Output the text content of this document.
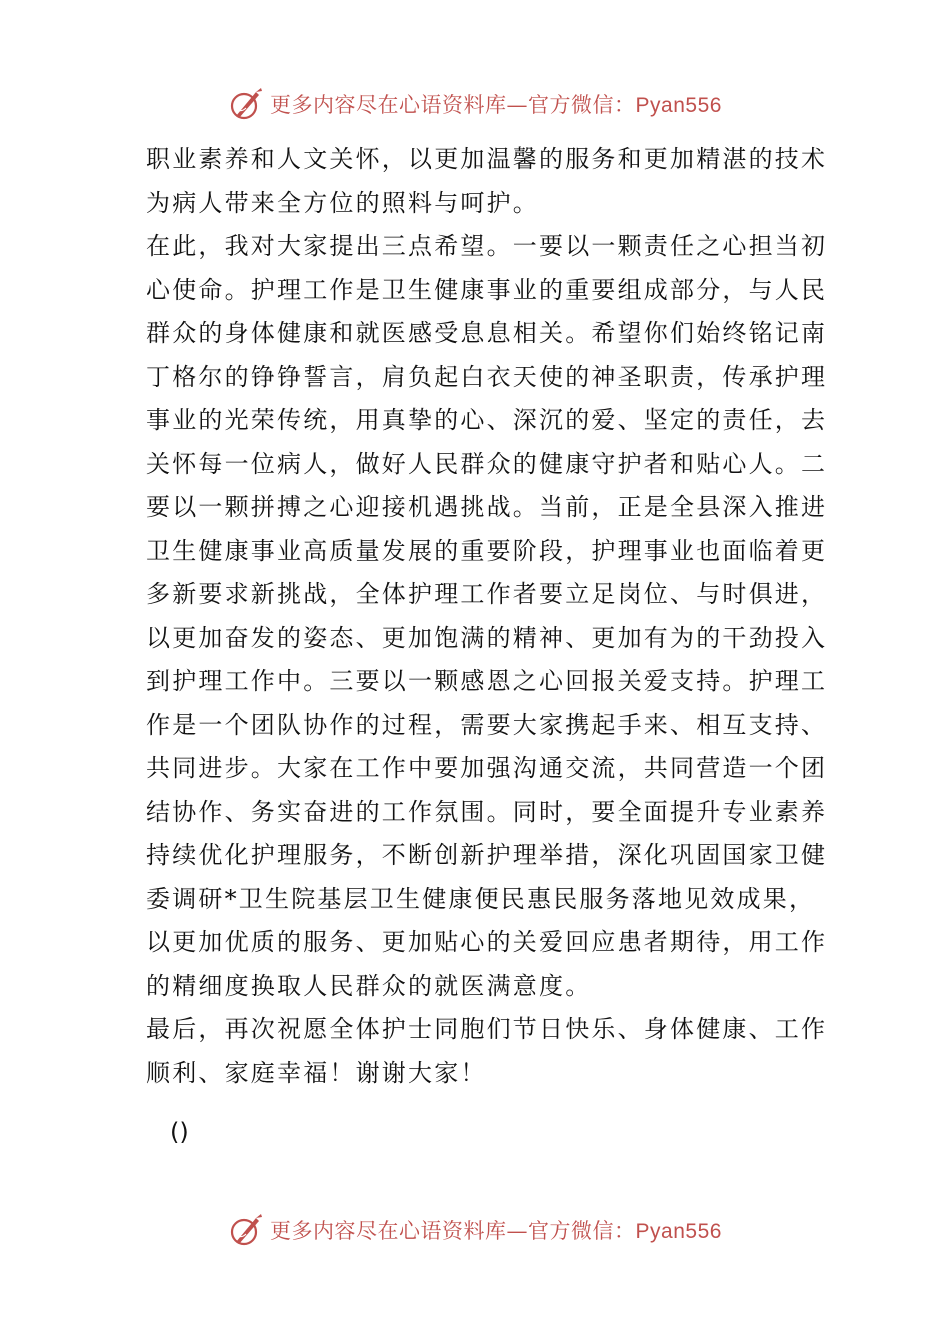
更多内容尽在心语资料库—官方微信：Pyan556
职业素养和人文关怀，以更加温馨的服务和更加精湛的技术
为病人带来全方位的照料与呵护。
在此，我对大家提出三点希望。一要以一颗责任之心担当初
心使命。护理工作是卫生健康事业的重要组成部分，与人民
群众的身体健康和就医感受息息相关。希望你们始终铭记南
丁格尔的铮铮誓言，肩负起白衣天使的神圣职责，传承护理
事业的光荣传统，用真挚的心、深沉的爱、坚定的责任，去
关怀每一位病人，做好人民群众的健康守护者和贴心人。二
要以一颗拼搏之心迎接机遇挑战。当前，正是全县深入推进
卫生健康事业高质量发展的重要阶段，护理事业也面临着更
多新要求新挑战，全体护理工作者要立足岗位、与时俱进，
以更加奋发的姿态、更加饱满的精神、更加有为的干劲投入
到护理工作中。三要以一颗感恩之心回报关爱支持。护理工
作是一个团队协作的过程，需要大家携起手来、相互支持、
共同进步。大家在工作中要加强沟通交流，共同营造一个团
结协作、务实奋进的工作氛围。同时，要全面提升专业素养
持续优化护理服务，不断创新护理举措，深化巩固国家卫健
委调研*卫生院基层卫生健康便民惠民服务落地见效成果，
以更加优质的服务、更加贴心的关爱回应患者期待，用工作
的精细度换取人民群众的就医满意度。
最后，再次祝愿全体护士同胞们节日快乐、身体健康、工作
顺利、家庭幸福！谢谢大家！
()
更多内容尽在心语资料库—官方微信：Pyan556
